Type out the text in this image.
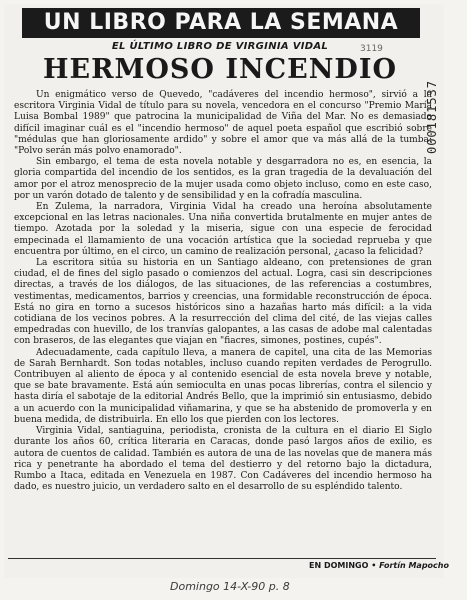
UN LIBRO PARA LA SEMANA
EL ÚLTIMO LIBRO DE VIRGINIA VIDAL
HERMOSO INCENDIO
3119
000181537

Un enigmático verso de Quevedo, "cadáveres del incendio hermoso", sirvió a la escritora Virginia Vidal de título para su novela, vencedora en el concurso "Premio María Luisa Bombal 1989" que patrocina la municipalidad de Viña del Mar. No es demasiado difícil imaginar cuál es el "incendio hermoso" de aquel poeta español que escribió sobre "médulas que han gloriosamente ardido" y sobre el amor que va más allá de la tumba: "Polvo serán más polvo enamorado".

Sin embargo, el tema de esta novela notable y desgarradora no es, en esencia, la gloria compartida del incendio de los sentidos, es la gran tragedia de la devaluación del amor por el atroz menosprecio de la mujer usada como objeto incluso, como en este caso, por un varón dotado de talento y de sensibilidad y en la cofradía masculina.

En Zulema, la narradora, Virginia Vidal ha creado una heroína absolutamente excepcional en las letras nacionales. Una niña convertida brutalmente en mujer antes de tiempo. Azotada por la soledad y la miseria, sigue con una especie de ferocidad empecinada el llamamiento de una vocación artística que la sociedad reprueba y que encuentra por último, en el circo, un camino de realización personal, ¿acaso la felicidad?

La escritora sitúa su historia en un Santiago aldeano, con pretensiones de gran ciudad, el de fines del siglo pasado o comienzos del actual. Logra, casi sin descripciones directas, a través de los diálogos, de las situaciones, de las referencias a costumbres, vestimentas, medicamentos, barrios y creencias, una formidable reconstrucción de época. Está no gira en torno a sucesos históricos sino a hazañas harto más difícil: a la vida cotidiana de los vecinos pobres. A la resurrección del clima del cité, de las viejas calles empedradas con huevillo, de los tranvías galopantes, a las casas de adobe mal calentadas con braseros, de las elegantes que viajan en "fiacres, simones, postines, cupés".

Adecuadamente, cada capítulo lleva, a manera de capitel, una cita de las Memorias de Sarah Bernhardt. Son todas notables, incluso cuando repiten verdades de Perogrullo. Contribuyen al aliento de época y al contenido esencial de esta novela breve y notable, que se bate bravamente. Está aún semioculta en unas pocas librerías, contra el silencio y hasta diría el sabotaje de la editorial Andrés Bello, que la imprimió sin entusiasmo, debido a un acuerdo con la municipalidad viñamarina, y que se ha abstenido de promoverla y en buena medida, de distribuirla. En ello los que pierden con los lectores.

Virginia Vidal, santiaguina, periodista, cronista de la cultura en el diario El Siglo durante los años 60, crítica literaria en Caracas, donde pasó largos años de exilio, es autora de cuentos de calidad. También es autora de una de las novelas que de manera más rica y penetrante ha abordado el tema del destierro y del retorno bajo la dictadura, Rumbo a Itaca, editada en Venezuela en 1987. Con Cadáveres del incendio hermoso ha dado, es nuestro juicio, un verdadero salto en el desarrollo de su espléndido talento.

EN DOMINGO • Fortín Mapocho
Domingo 14-X-90 p. 8
